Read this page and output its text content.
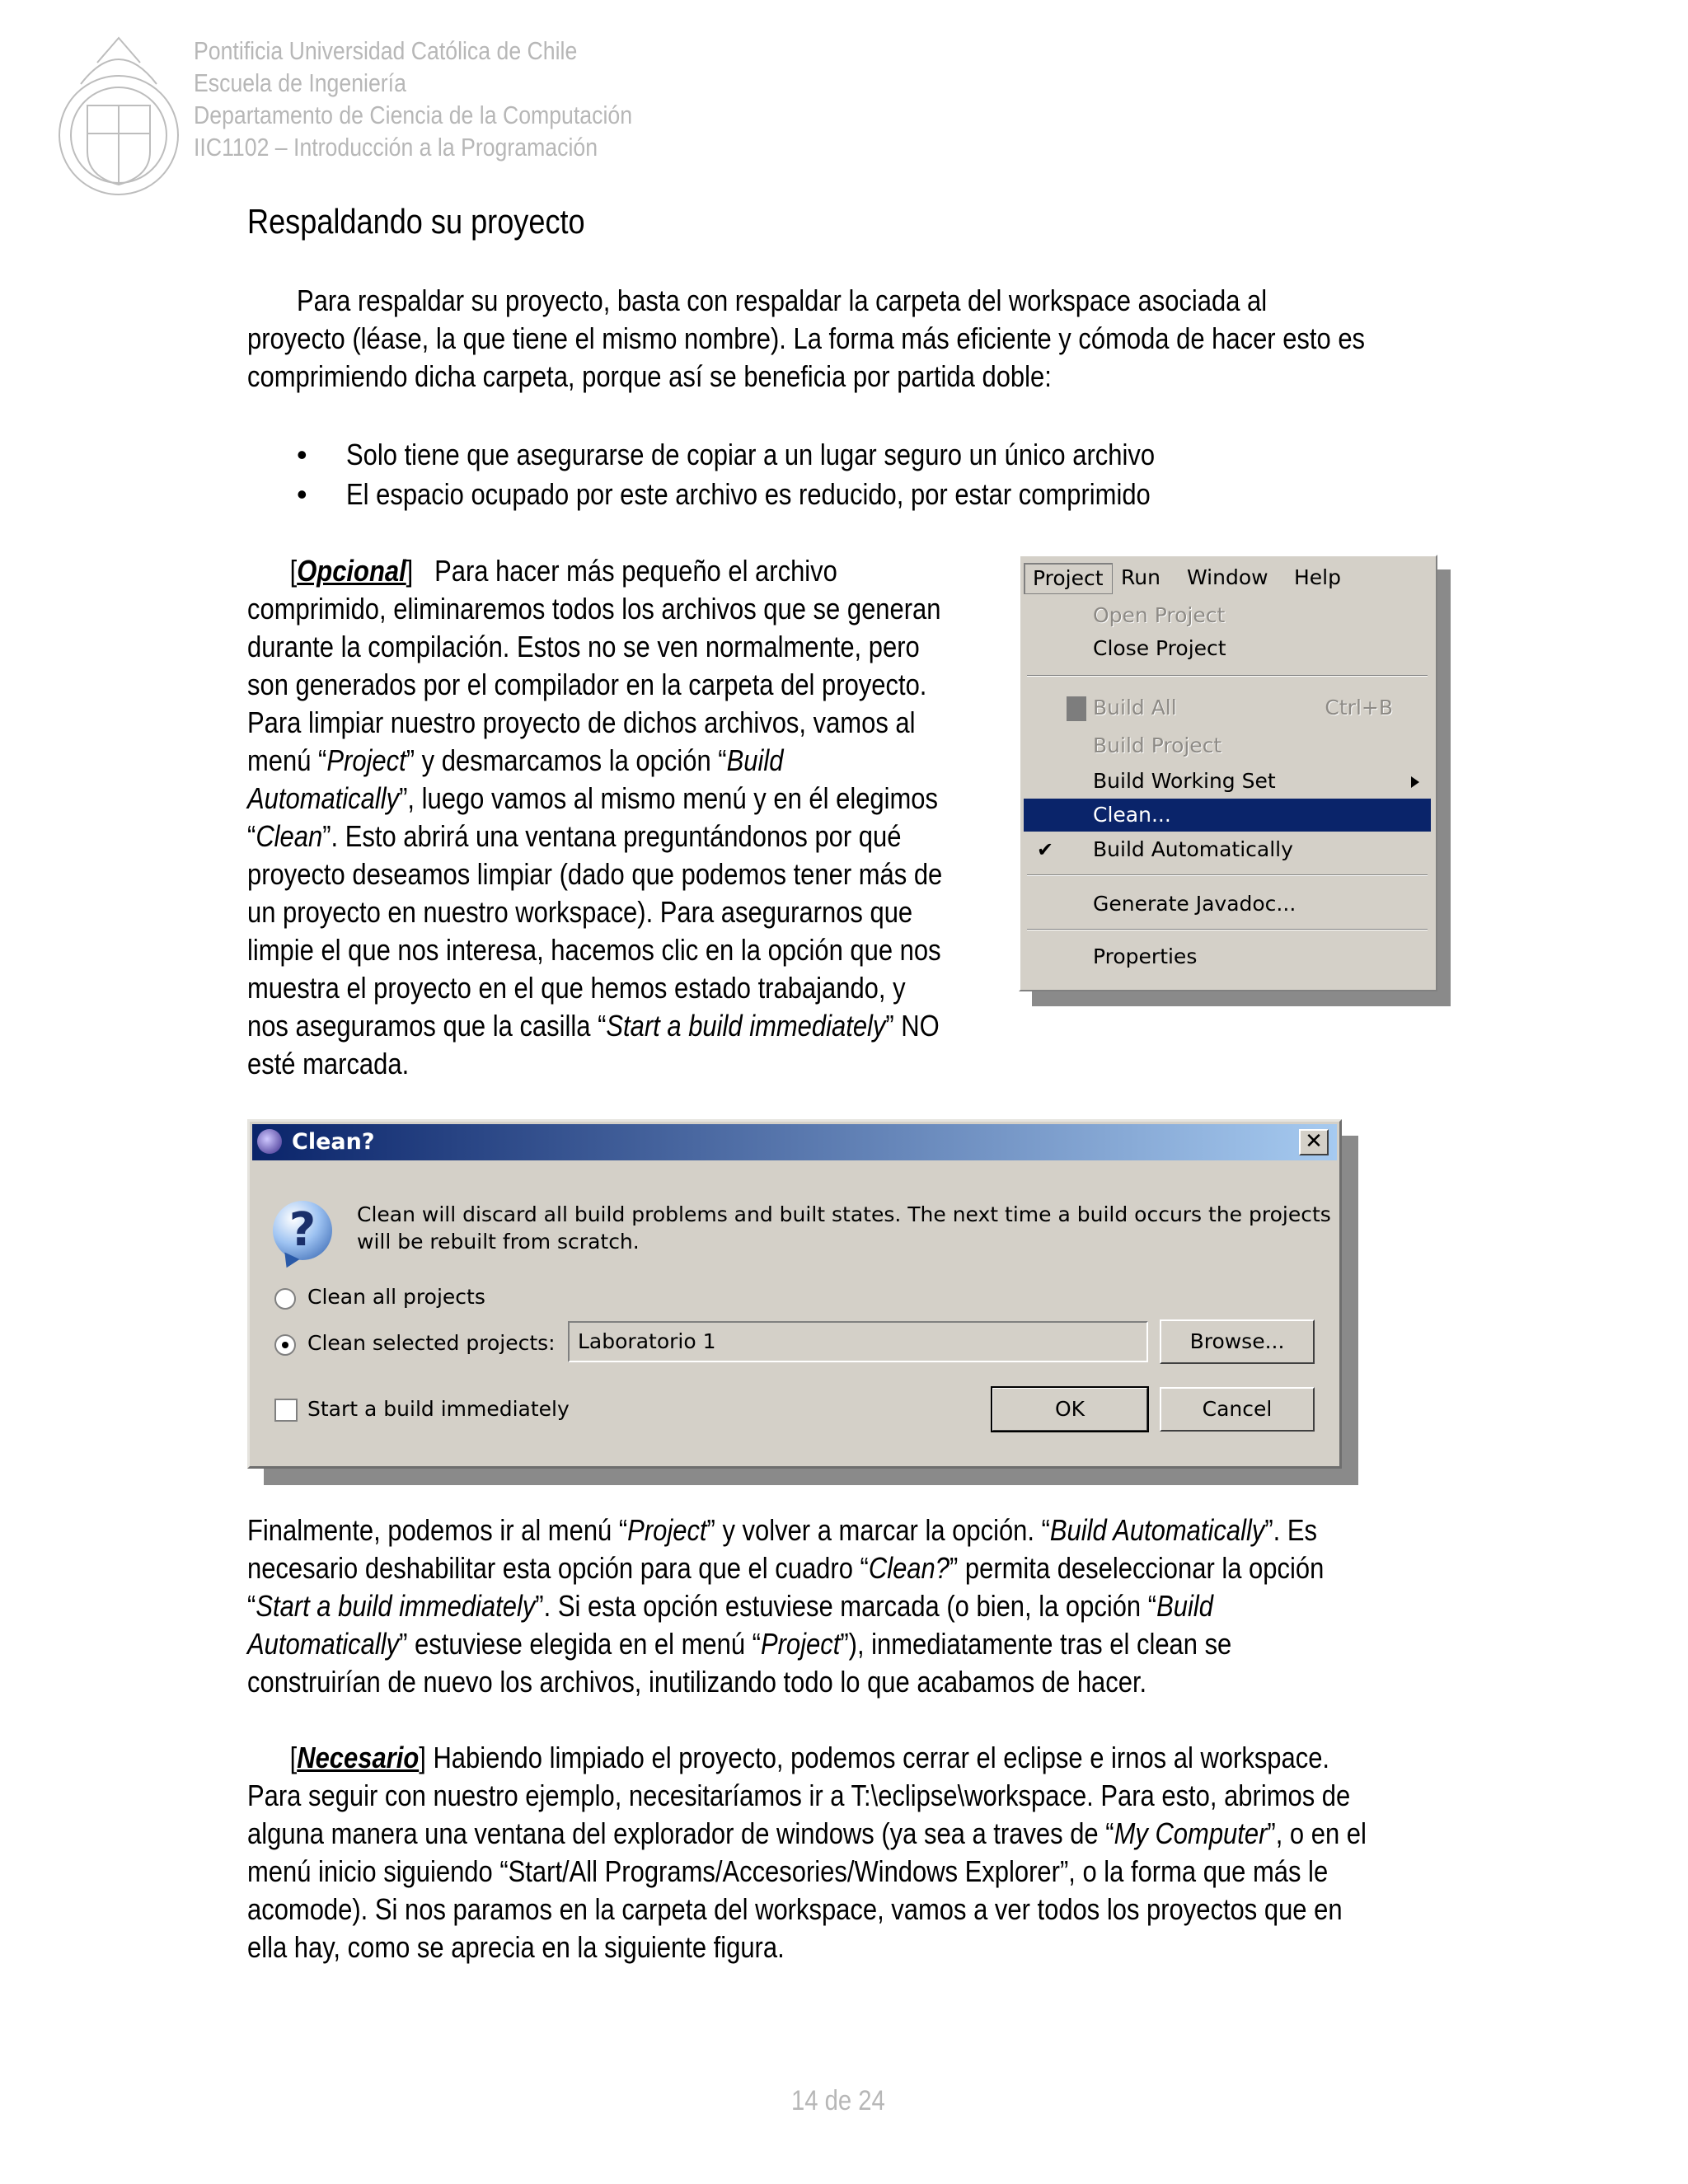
Pontificia Universidad Católica de Chile
Escuela de Ingeniería
Departamento de Ciencia de la Computación
IIC1102 – Introducción a la Programación
Respaldando su proyecto
Para respaldar su proyecto, basta con respaldar la carpeta del workspace asociada al
proyecto (léase, la que tiene el mismo nombre). La forma más eficiente y cómoda de hacer esto es
comprimiendo dicha carpeta, porque así se beneficia por partida doble:
• Solo tiene que asegurarse de copiar a un lugar seguro un único archivo
• El espacio ocupado por este archivo es reducido, por estar comprimido
[Opcional]   Para hacer más pequeño el archivo
comprimido, eliminaremos todos los archivos que se generan
durante la compilación. Estos no se ven normalmente, pero
son generados por el compilador en la carpeta del proyecto.
Para limpiar nuestro proyecto de dichos archivos, vamos al
menú “Project” y desmarcamos la opción “Build
Automatically”, luego vamos al mismo menú y en él elegimos
“Clean”. Esto abrirá una ventana preguntándonos por qué
proyecto deseamos limpiar (dado que podemos tener más de
un proyecto en nuestro workspace). Para asegurarnos que
limpie el que nos interesa, hacemos clic en la opción que nos
muestra el proyecto en el que hemos estado trabajando, y
nos aseguramos que la casilla “Start a build immediately” NO
esté marcada.
Project Run	Window	Help
Open Project
Close Project
Build All	Ctrl+B
Build Project
Build Working Set
Clean...
✔ Build Automatically
Generate Javadoc...
Properties
Clean?	✕
?	Clean will discard all build problems and built states. The next time a build occurs the projects
will be rebuilt from scratch.
Clean all projects
Clean selected projects:	Laboratorio 1	Browse...
Start a build immediately	OK	Cancel
Finalmente, podemos ir al menú “Project” y volver a marcar la opción. “Build Automatically”. Es
necesario deshabilitar esta opción para que el cuadro “Clean?” permita deseleccionar la opción
“Start a build immediately”. Si esta opción estuviese marcada (o bien, la opción “Build
Automatically” estuviese elegida en el menú “Project”), inmediatamente tras el clean se
construirían de nuevo los archivos, inutilizando todo lo que acabamos de hacer.
[Necesario] Habiendo limpiado el proyecto, podemos cerrar el eclipse e irnos al workspace.
Para seguir con nuestro ejemplo, necesitaríamos ir a T:\eclipse\workspace. Para esto, abrimos de
alguna manera una ventana del explorador de windows (ya sea a traves de “My Computer”, o en el
menú inicio siguiendo “Start/All Programs/Accesories/Windows Explorer”, o la forma que más le
acomode). Si nos paramos en la carpeta del workspace, vamos a ver todos los proyectos que en
ella hay, como se aprecia en la siguiente figura.
14 de 24
